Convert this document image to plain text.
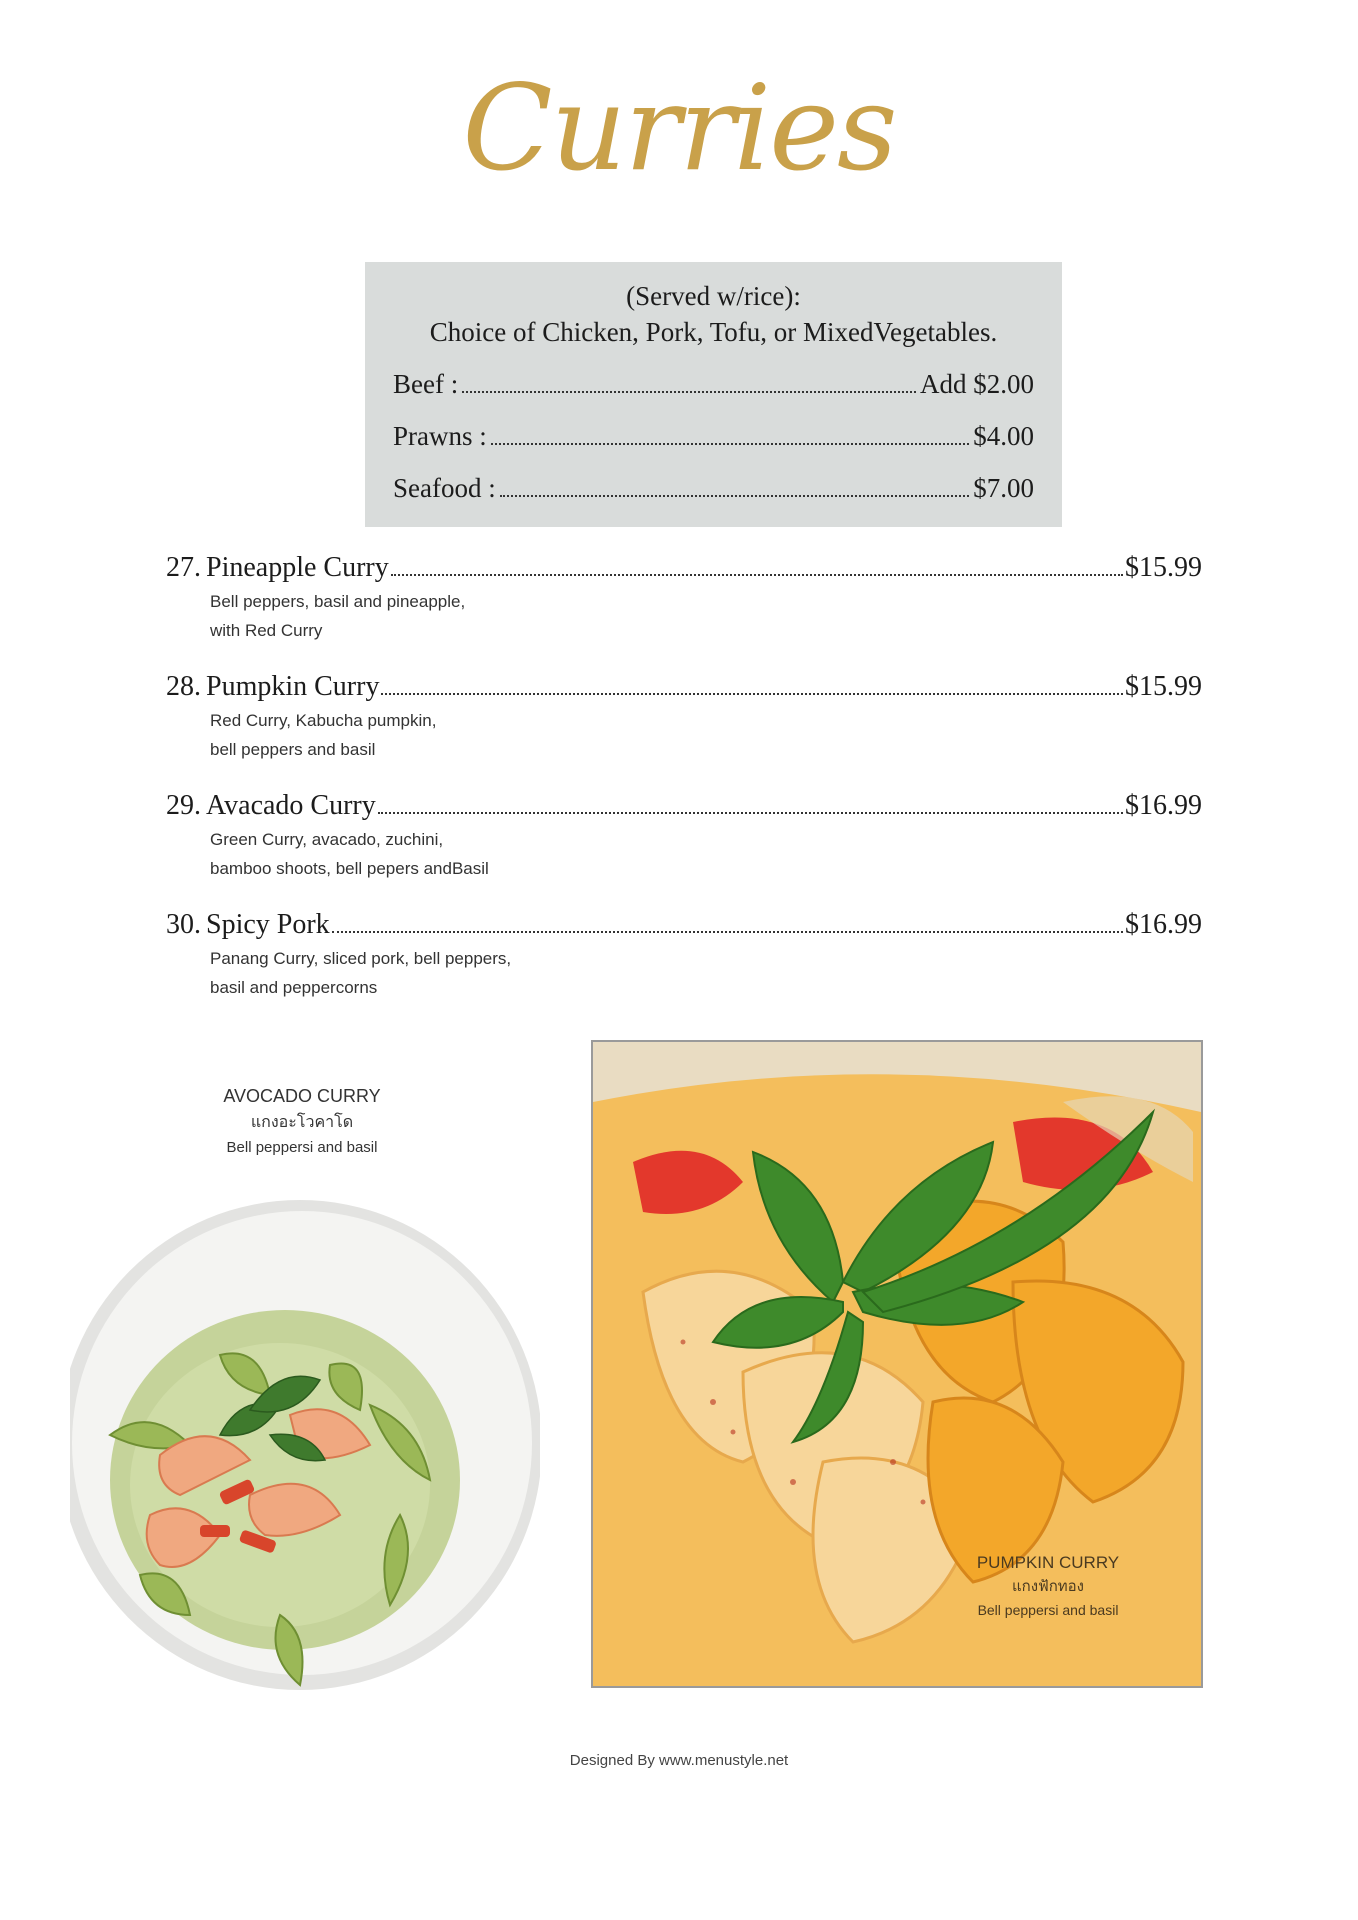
Curries
(Served w/rice):
Choice of Chicken, Pork, Tofu, or MixedVegetables.
Beef :	Add $2.00
Prawns :	$4.00
Seafood :	$7.00
27. Pineapple Curry	$15.99
Bell peppers, basil and pineapple,
with Red Curry
28. Pumpkin Curry	$15.99
Red Curry, Kabucha pumpkin,
bell peppers and basil
29. Avacado Curry	$16.99
Green Curry, avacado, zuchini,
bamboo shoots, bell pepers andBasil
30. Spicy Pork	$16.99
Panang Curry, sliced pork, bell peppers,
basil and peppercorns
AVOCADO CURRY
แกงอะโวคาโด
Bell peppersi and basil
PUMPKIN CURRY
แกงฟักทอง
Bell peppersi and basil
Designed By www.menustyle.net
